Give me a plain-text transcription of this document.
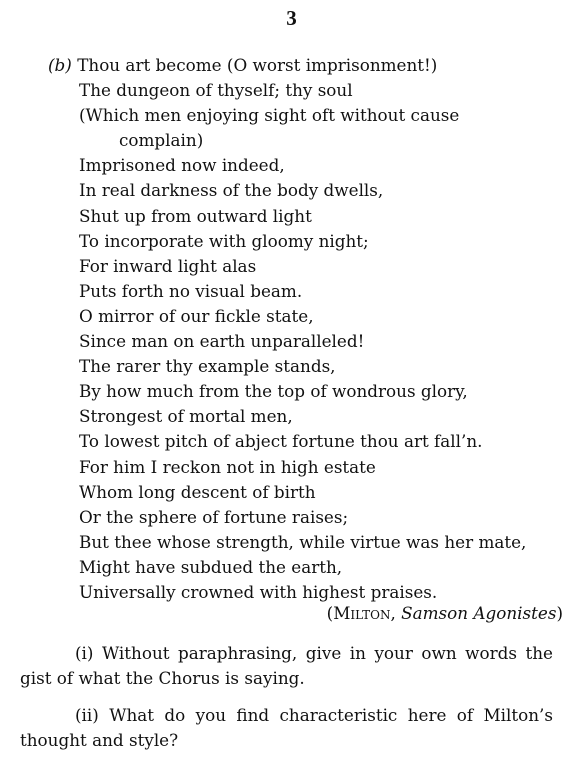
3
(b) Thou art become (O worst imprisonment!)
The dungeon of thyself; thy soul
(Which men enjoying sight oft without cause
complain)
Imprisoned now indeed,
In real darkness of the body dwells,
Shut up from outward light
To incorporate with gloomy night;
For inward light alas
Puts forth no visual beam.
O mirror of our fickle state,
Since man on earth unparalleled!
The rarer thy example stands,
By how much from the top of wondrous glory,
Strongest of mortal men,
To lowest pitch of abject fortune thou art fall’n.
For him I reckon not in high estate
Whom long descent of birth
Or the sphere of fortune raises;
But thee whose strength, while virtue was her mate,
Might have subdued the earth,
Universally crowned with highest praises.
(Milton, Samson Agonistes)
(i) Without paraphrasing, give in your own words the gist of what the Chorus is saying.
(ii) What do you find characteristic here of Milton’s thought and style?
